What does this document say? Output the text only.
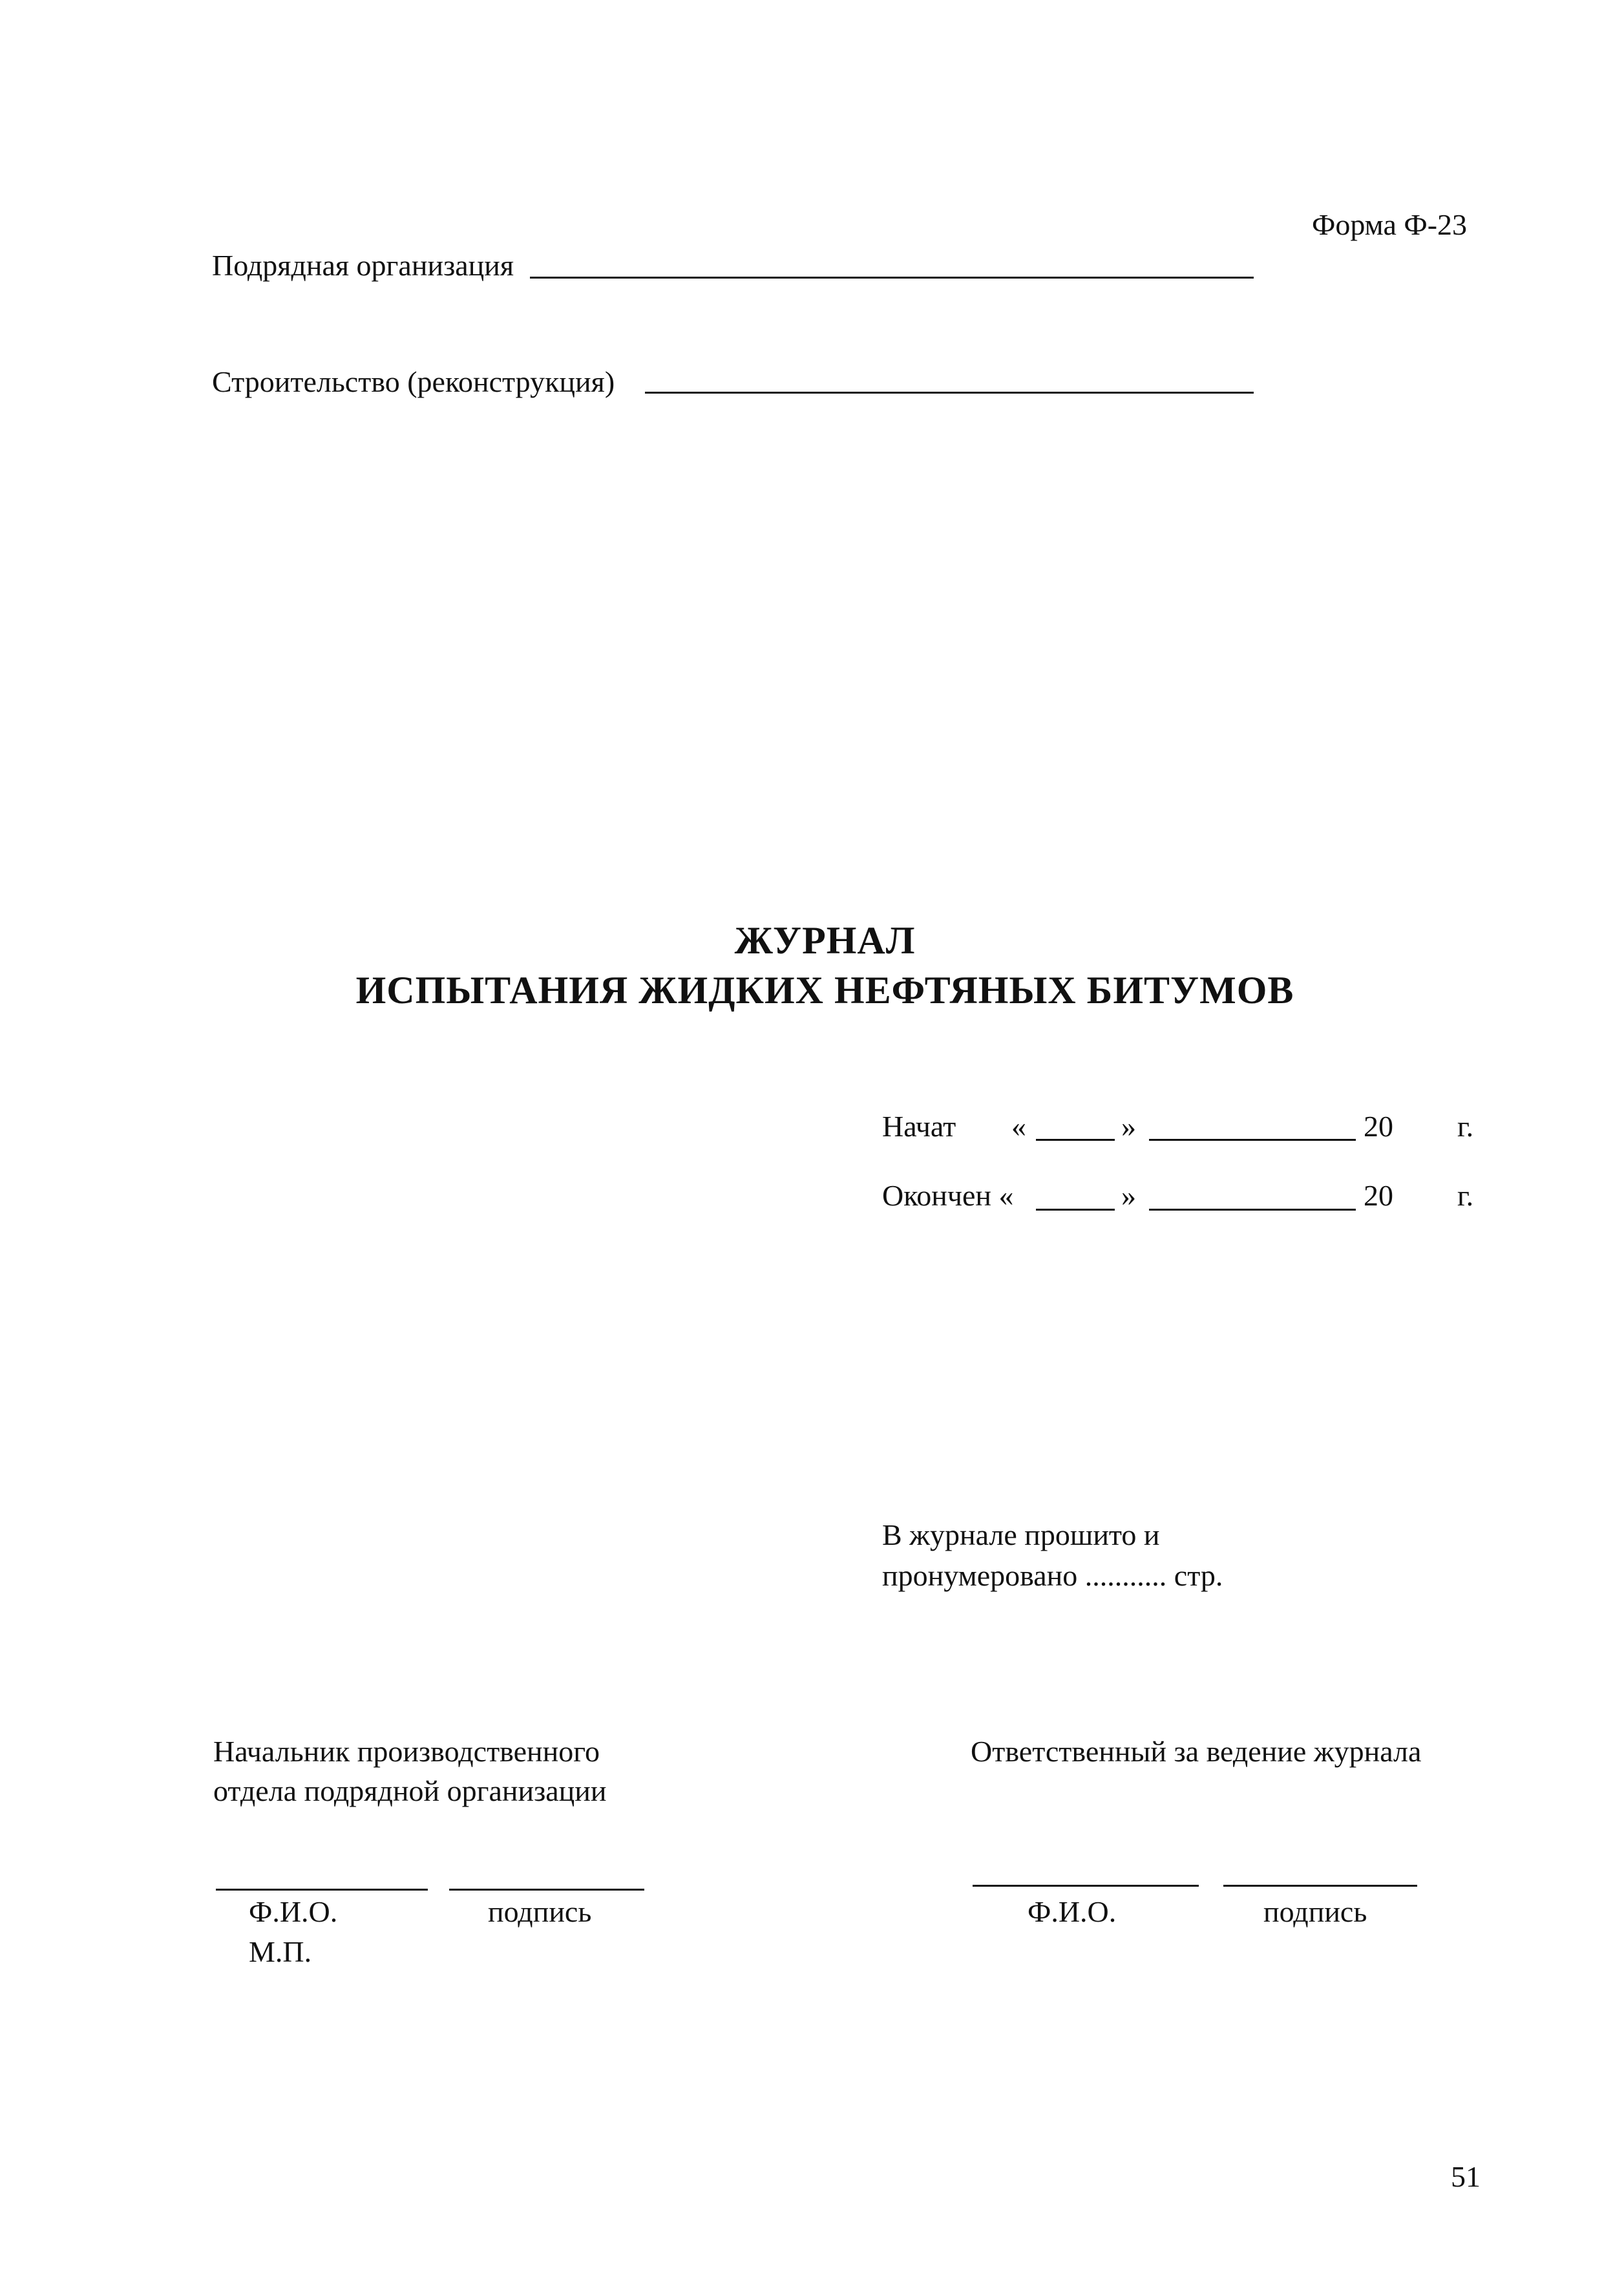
Форма Ф-23
Подрядная организация
Строительство (реконструкция)
ЖУРНАЛ
ИСПЫТАНИЯ ЖИДКИХ НЕФТЯНЫХ БИТУМОВ
Начат «	»	20 г.
Окончен «	»	20 г.
В журнале прошито и
пронумеровано ........... стр.
Начальник производственного
отдела подрядной организации
Ф.И.О.	подпись
М.П.
Ответственный за ведение журнала
Ф.И.О.	подпись
51
